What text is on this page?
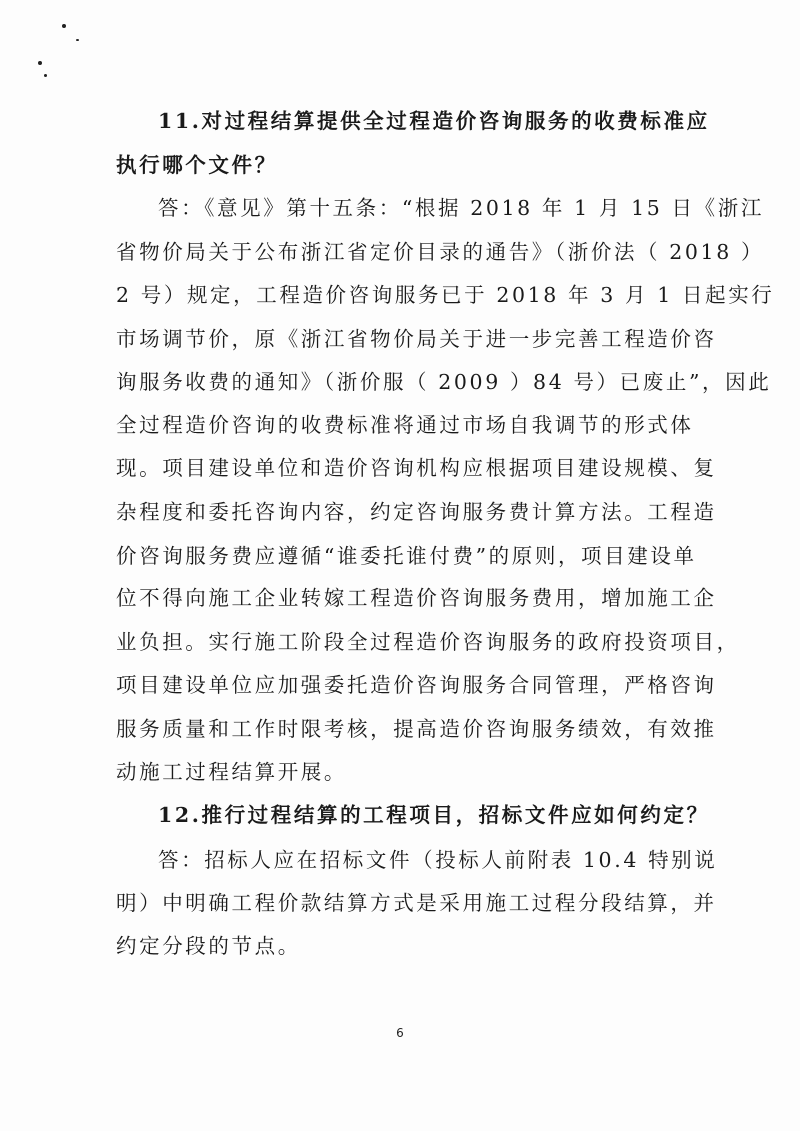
11.对过程结算提供全过程造价咨询服务的收费标准应
执行哪个文件？
答：《意见》第十五条：“根据 2018 年 1 月 15 日《浙江
省物价局关于公布浙江省定价目录的通告》（浙价法（ 2018 ）
2 号）规定，工程造价咨询服务已于 2018 年 3 月 1 日起实行
市场调节价，原《浙江省物价局关于进一步完善工程造价咨
询服务收费的通知》（浙价服（ 2009 ）84 号）已废止”，因此
全过程造价咨询的收费标准将通过市场自我调节的形式体
现。项目建设单位和造价咨询机构应根据项目建设规模、复
杂程度和委托咨询内容，约定咨询服务费计算方法。工程造
价咨询服务费应遵循“谁委托谁付费”的原则，项目建设单
位不得向施工企业转嫁工程造价咨询服务费用，增加施工企
业负担。实行施工阶段全过程造价咨询服务的政府投资项目，
项目建设单位应加强委托造价咨询服务合同管理，严格咨询
服务质量和工作时限考核，提高造价咨询服务绩效，有效推
动施工过程结算开展。
12.推行过程结算的工程项目，招标文件应如何约定？
答：招标人应在招标文件（投标人前附表 10.4 特别说
明）中明确工程价款结算方式是采用施工过程分段结算，并
约定分段的节点。
6
